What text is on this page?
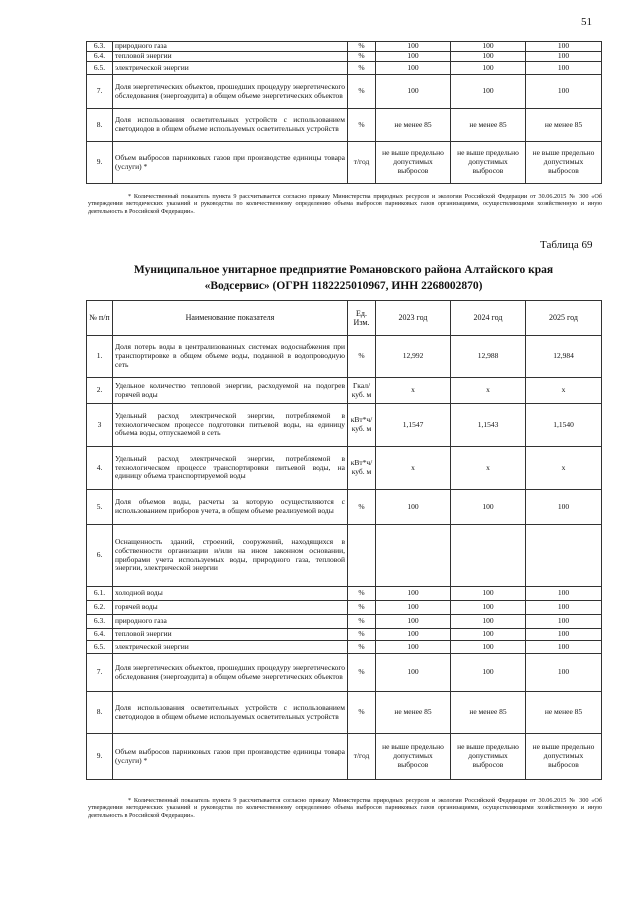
51
6.3.	природного газа	%	100	100	100
6.4.	тепловой энергии	%	100	100	100
6.5.	электрической энергии	%	100	100	100
7.	Доля энергетических объектов, прошедших процедуру энергетического обследования (энергоаудита) в общем объеме энергетических объектов	%	100	100	100
8.	Доля использования осветительных устройств с использованием светодиодов в общем объеме используемых осветительных устройств	%	не менее 85	не менее 85	не менее 85
9.	Объем выбросов парниковых газов при производстве единицы товара (услуги) *	т/год	не выше предельно допустимых выбросов	не выше предельно допустимых выбросов	не выше предельно допустимых выбросов
* Количественный показатель пункта 9 рассчитывается согласно приказу Министерства природных ресурсов и экологии Российской Федерации от 30.06.2015 № 300 «Об утверждении методических указаний и руководства по количественному определению объема выбросов парниковых газов организациями, осуществляющими хозяйственную и иную деятельность в Российской Федерации».
Таблица 69
Муниципальное унитарное предприятие Романовского района Алтайского края
«Водсервис» (ОГРН 1182225010967, ИНН 2268002870)
№ п/п	Наименование показателя	Ед. Изм.	2023 год	2024 год	2025 год
1.	Доля потерь воды в централизованных системах водоснабжения при транспортировке в общем объеме воды, поданной в водопроводную сеть	%	12,992	12,988	12,984
2.	Удельное количество тепловой энергии, расходуемой на подогрев горячей воды	Гкал/ куб. м	x	x	x
3	Удельный расход электрической энергии, потребляемой в технологическом процессе подготовки питьевой воды, на единицу объема воды, отпускаемой в сеть	кВт*ч/ куб. м	1,1547	1,1543	1,1540
4.	Удельный расход электрической энергии, потребляемой в технологическом процессе транспортировки питьевой воды, на единицу объема транспортируемой воды	кВт*ч/ куб. м	x	x	x
5.	Доля объемов воды, расчеты за которую осуществляются с использованием приборов учета, в общем объеме реализуемой воды	%	100	100	100
6.	Оснащенность зданий, строений, сооружений, находящихся в собственности организации и/или на ином законном основании, приборами учета используемых воды, природного газа, тепловой энергии, электрической энергии				
6.1.	холодной воды	%	100	100	100
6.2.	горячей воды	%	100	100	100
6.3.	природного газа	%	100	100	100
6.4.	тепловой энергии	%	100	100	100
6.5.	электрической энергии	%	100	100	100
7.	Доля энергетических объектов, прошедших процедуру энергетического обследования (энергоаудита) в общем объеме энергетических объектов	%	100	100	100
8.	Доля использования осветительных устройств с использованием светодиодов в общем объеме используемых осветительных устройств	%	не менее 85	не менее 85	не менее 85
9.	Объем выбросов парниковых газов при производстве единицы товара (услуги) *	т/год	не выше предельно допустимых выбросов	не выше предельно допустимых выбросов	не выше предельно допустимых выбросов
* Количественный показатель пункта 9 рассчитывается согласно приказу Министерства природных ресурсов и экологии Российской Федерации от 30.06.2015 № 300 «Об утверждении методических указаний и руководства по количественному определению объема выбросов парниковых газов организациями, осуществляющими хозяйственную и иную деятельность в Российской Федерации».
